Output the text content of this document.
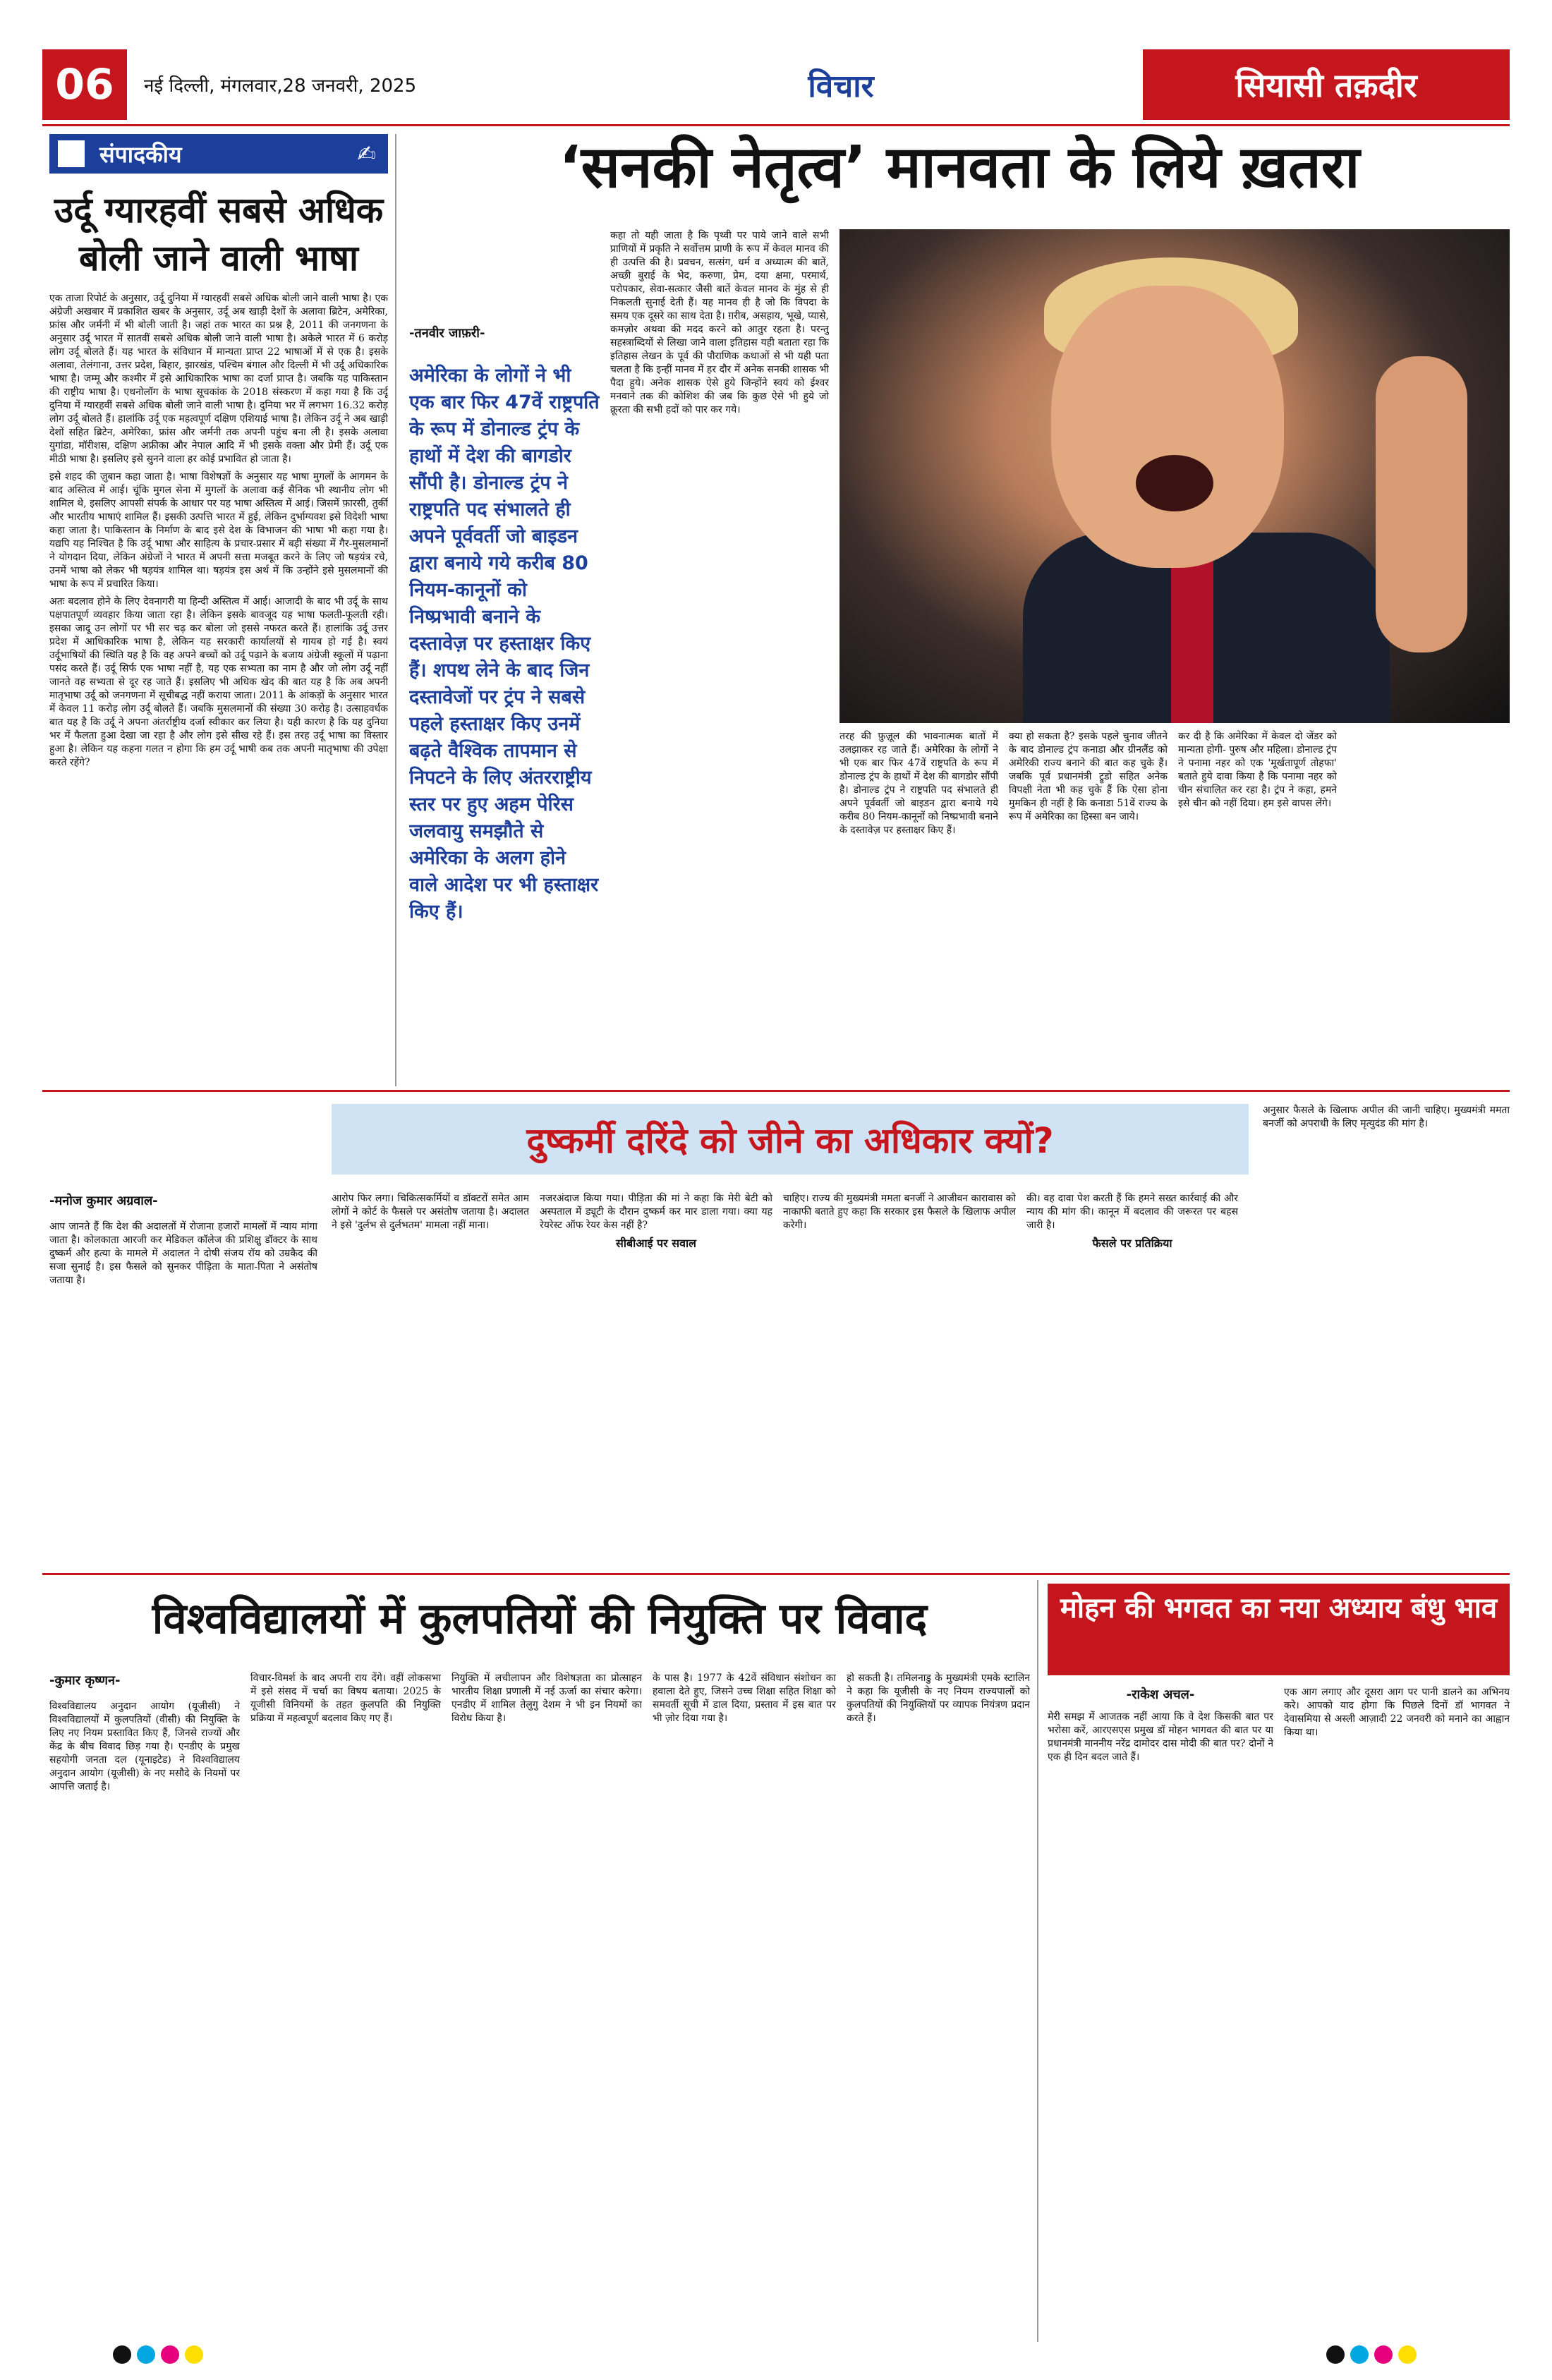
06	नई दिल्ली, मंगलवार,28 जनवरी, 2025	विचार	सियासी तक़दीर
संपादकीय	✍
उर्दू ग्यारहवीं सबसे अधिक बोली जाने वाली भाषा

एक ताजा रिपोर्ट के अनुसार, उर्दू दुनिया में ग्यारहवीं सबसे अधिक बोली जाने वाली भाषा है। एक अंग्रेजी अखबार में प्रकाशित खबर के अनुसार, उर्दू अब खाड़ी देशों के अलावा ब्रिटेन, अमेरिका, फ्रांस और जर्मनी में भी बोली जाती है। जहां तक भारत का प्रश्न है, 2011 की जनगणना के अनुसार उर्दू भारत में सातवीं सबसे अधिक बोली जाने वाली भाषा है। अकेले भारत में 6 करोड़ लोग उर्दू बोलते हैं। यह भारत के संविधान में मान्यता प्राप्त 22 भाषाओं में से एक है। इसके अलावा, तेलंगाना, उत्तर प्रदेश, बिहार, झारखंड, पश्चिम बंगाल और दिल्ली में भी उर्दू अधिकारिक भाषा है। जम्मू और कश्मीर में इसे आधिकारिक भाषा का दर्जा प्राप्त है। जबकि यह पाकिस्तान की राष्ट्रीय भाषा है। एथनोलॉग के भाषा सूचकांक के 2018 संस्करण में कहा गया है कि उर्दू दुनिया में ग्यारहवीं सबसे अधिक बोली जाने वाली भाषा है। दुनिया भर में लगभग 16.32 करोड़ लोग उर्दू बोलते हैं। हालांकि उर्दू एक महत्वपूर्ण दक्षिण एशियाई भाषा है। लेकिन उर्दू ने अब खाड़ी देशों सहित ब्रिटेन, अमेरिका, फ्रांस और जर्मनी तक अपनी पहुंच बना ली है। इसके अलावा युगांडा, मॉरीशस, दक्षिण अफ्रीका और नेपाल आदि में भी इसके वक्ता और प्रेमी हैं। उर्दू एक मीठी भाषा है। इसलिए इसे सुनने वाला हर कोई प्रभावित हो जाता है।

इसे शहद की ज़ुबान कहा जाता है। भाषा विशेषज्ञों के अनुसार यह भाषा मुगलों के आगमन के बाद अस्तित्व में आई। चूंकि मुगल सेना में मुगलों के अलावा कई सैनिक भी स्थानीय लोग भी शामिल थे, इसलिए आपसी संपर्क के आधार पर यह भाषा अस्तित्व में आई। जिसमें फ़ारसी, तुर्की और भारतीय भाषाएं शामिल हैं। इसकी उत्पत्ति भारत में हुई, लेकिन दुर्भाग्यवश इसे विदेशी भाषा कहा जाता है। पाकिस्तान के निर्माण के बाद इसे देश के विभाजन की भाषा भी कहा गया है। यद्यपि यह निश्चित है कि उर्दू भाषा और साहित्य के प्रचार-प्रसार में बड़ी संख्या में गैर-मुसलमानों ने योगदान दिया, लेकिन अंग्रेजों ने भारत में अपनी सत्ता मजबूत करने के लिए जो षड़यंत्र रचे, उनमें भाषा को लेकर भी षड़यंत्र शामिल था। षड़यंत्र इस अर्थ में कि उन्होंने इसे मुसलमानों की भाषा के रूप में प्रचारित किया।

अतः बदलाव होने के लिए देवनागरी या हिन्दी अस्तित्व में आई। आजादी के बाद भी उर्दू के साथ पक्षपातपूर्ण व्यवहार किया जाता रहा है। लेकिन इसके बावजूद यह भाषा फलती-फूलती रही। इसका जादू उन लोगों पर भी सर चढ़ कर बोला जो इससे नफरत करते हैं। हालांकि उर्दू उत्तर प्रदेश में आधिकारिक भाषा है, लेकिन यह सरकारी कार्यालयों से गायब हो गई है। स्वयं उर्दूभाषियों की स्थिति यह है कि वह अपने बच्चों को उर्दू पढ़ाने के बजाय अंग्रेजी स्कूलों में पढ़ाना पसंद करते हैं। उर्दू सिर्फ एक भाषा नहीं है, यह एक सभ्यता का नाम है और जो लोग उर्दू नहीं जानते वह सभ्यता से दूर रह जाते हैं। इसलिए भी अधिक खेद की बात यह है कि अब अपनी मातृभाषा उर्दू को जनगणना में सूचीबद्ध नहीं कराया जाता। 2011 के आंकड़ों के अनुसार भारत में केवल 11 करोड़ लोग उर्दू बोलते हैं। जबकि मुसलमानों की संख्या 30 करोड़ है। उत्साहवर्धक बात यह है कि उर्दू ने अपना अंतर्राष्ट्रीय दर्जा स्वीकार कर लिया है। यही कारण है कि यह दुनिया भर में फैलता हुआ देखा जा रहा है और लोग इसे सीख रहे हैं। इस तरह उर्दू भाषा का विस्तार हुआ है। लेकिन यह कहना गलत न होगा कि हम उर्दू भाषी कब तक अपनी मातृभाषा की उपेक्षा करते रहेंगे?

‘सनकी नेतृत्व’ मानवता के लिये ख़तरा
-तनवीर जाफ़री-
अमेरिका के लोगों ने भी एक बार फिर 47वें राष्ट्रपति के रूप में डोनाल्ड ट्रंप के हाथों में देश की बागडोर सौंपी है। डोनाल्ड ट्रंप ने राष्ट्रपति पद संभालते ही अपने पूर्ववर्ती जो बाइडन द्वारा बनाये गये करीब 80 नियम-कानूनों को निष्प्रभावी बनाने के दस्तावेज़ पर हस्ताक्षर किए हैं। शपथ लेने के बाद जिन दस्तावेजों पर ट्रंप ने सबसे पहले हस्ताक्षर किए उनमें बढ़ते वैश्विक तापमान से निपटने के लिए अंतरराष्ट्रीय स्तर पर हुए अहम पेरिस जलवायु समझौते से अमेरिका के अलग होने वाले आदेश पर भी हस्ताक्षर किए हैं।
कहा तो यही जाता है कि पृथ्वी पर पाये जाने वाले सभी प्राणियों में प्रकृति ने सर्वोत्तम प्राणी के रूप में केवल मानव की ही उत्पत्ति की है। प्रवचन, सत्संग, धर्म व अध्यात्म की बातें, अच्छी बुराई के भेद, करुणा, प्रेम, दया क्षमा, परमार्थ, परोपकार, सेवा-सत्कार जैसी बातें केवल मानव के मुंह से ही निकलती सुनाई देती हैं। यह मानव ही है जो कि विपदा के समय एक दूसरे का साथ देता है। ग़रीब, असहाय, भूखे, प्यासे, कमज़ोर अथवा की मदद करने को आतुर रहता है। परन्तु सहस्त्राब्दियों से लिखा जाने वाला इतिहास यही बताता रहा कि इतिहास लेखन के पूर्व की पौराणिक कथाओं से भी यही पता चलता है कि इन्हीं मानव में हर दौर में अनेक सनकी शासक भी पैदा हुये। अनेक शासक ऐसे हुये जिन्होंने स्वयं को ईश्वर मनवाने तक की कोशिश की जब कि कुछ ऐसे भी हुये जो क्रूरता की सभी हदों को पार कर गये।
तरह की फ़ुज़ूल की भावनात्मक बातों में उलझाकर रह जाते हैं। अमेरिका के लोगों ने भी एक बार फिर 47वें राष्ट्रपति के रूप में डोनाल्ड ट्रंप के हाथों में देश की बागडोर सौंपी है। डोनाल्ड ट्रंप ने राष्ट्रपति पद संभालते ही अपने पूर्ववर्ती जो बाइडन द्वारा बनाये गये करीब 80 नियम-कानूनों को निष्प्रभावी बनाने के दस्तावेज़ पर हस्ताक्षर किए हैं।
क्या हो सकता है? इसके पहले चुनाव जीतने के बाद डोनाल्ड ट्रंप कनाडा और ग्रीनलैंड को अमेरिकी राज्य बनाने की बात कह चुके हैं। जबकि पूर्व प्रधानमंत्री ट्रूडो सहित अनेक विपक्षी नेता भी कह चुके हैं कि ऐसा होना मुमकिन ही नहीं है कि कनाडा 51वें राज्य के रूप में अमेरिका का हिस्सा बन जाये।
कर दी है कि अमेरिका में केवल दो जेंडर को मान्यता होगी- पुरुष और महिला। डोनाल्ड ट्रंप ने पनामा नहर को एक 'मूर्खतापूर्ण तोहफा' बताते हुये दावा किया है कि पनामा नहर को चीन संचालित कर रहा है। ट्रंप ने कहा, हमने इसे चीन को नहीं दिया। हम इसे वापस लेंगे।
दुष्कर्मी दरिंदे को जीने का अधिकार क्यों?
-मनोज कुमार अग्रवाल-
आप जानते हैं कि देश की अदालतों में रोजाना हजारों मामलों में न्याय मांगा जाता है। कोलकाता आरजी कर मेडिकल कॉलेज की प्रशिक्षु डॉक्टर के साथ दुष्कर्म और हत्या के मामले में अदालत ने दोषी संजय रॉय को उम्रकैद की सजा सुनाई है। इस फैसले को सुनकर पीड़िता के माता-पिता ने असंतोष जताया है।
आरोप फिर लगा। चिकित्सकर्मियों व डॉक्टरों समेत आम लोगों ने कोर्ट के फैसले पर असंतोष जताया है। अदालत ने इसे 'दुर्लभ से दुर्लभतम' मामला नहीं माना।
नजरअंदाज किया गया। पीड़िता की मां ने कहा कि मेरी बेटी को अस्पताल में ड्यूटी के दौरान दुष्कर्म कर मार डाला गया। क्या यह रेयरेस्ट ऑफ रेयर केस नहीं है?
सीबीआई पर सवाल
चाहिए। राज्य की मुख्यमंत्री ममता बनर्जी ने आजीवन कारावास को नाकाफी बताते हुए कहा कि सरकार इस फैसले के खिलाफ अपील करेगी।
की। वह दावा पेश करती हैं कि हमने सख्त कार्रवाई की और न्याय की मांग की। कानून में बदलाव की जरूरत पर बहस जारी है।
फैसले पर प्रतिक्रिया
अनुसार फैसले के खिलाफ अपील की जानी चाहिए। मुख्यमंत्री ममता बनर्जी को अपराधी के लिए मृत्युदंड की मांग है।
विश्वविद्यालयों में कुलपतियों की नियुक्ति पर विवाद
-कुमार कृष्णन-
विश्वविद्यालय अनुदान आयोग (यूजीसी) ने विश्वविद्यालयों में कुलपतियों (वीसी) की नियुक्ति के लिए नए नियम प्रस्तावित किए हैं, जिनसे राज्यों और केंद्र के बीच विवाद छिड़ गया है। एनडीए के प्रमुख सहयोगी जनता दल (यूनाइटेड) ने विश्वविद्यालय अनुदान आयोग (यूजीसी) के नए मसौदे के नियमों पर आपत्ति जताई है।
विचार-विमर्श के बाद अपनी राय देंगे। वहीं लोकसभा में इसे संसद में चर्चा का विषय बताया। 2025 के यूजीसी विनियमों के तहत कुलपति की नियुक्ति प्रक्रिया में महत्वपूर्ण बदलाव किए गए हैं।
नियुक्ति में लचीलापन और विशेषज्ञता का प्रोत्साहन भारतीय शिक्षा प्रणाली में नई ऊर्जा का संचार करेगा। एनडीए में शामिल तेलुगु देशम ने भी इन नियमों का विरोध किया है।
के पास है। 1977 के 42वें संविधान संशोधन का हवाला देते हुए, जिसने उच्च शिक्षा सहित शिक्षा को समवर्ती सूची में डाल दिया, प्रस्ताव में इस बात पर भी ज़ोर दिया गया है।
हो सकती है। तमिलनाडु के मुख्यमंत्री एमके स्टालिन ने कहा कि यूजीसी के नए नियम राज्यपालों को कुलपतियों की नियुक्तियों पर व्यापक नियंत्रण प्रदान करते हैं।
मोहन की भगवत का नया अध्याय बंधु भाव
-राकेश अचल-
मेरी समझ में आजतक नहीं आया कि वे देश किसकी बात पर भरोसा करें, आरएसएस प्रमुख डॉ मोहन भागवत की बात पर या प्रधानमंत्री माननीय नरेंद्र दामोदर दास मोदी की बात पर? दोनों ने एक ही दिन बदल जाते हैं।
एक आग लगाए और दूसरा आग पर पानी डालने का अभिनय करे। आपको याद होगा कि पिछले दिनों डॉ भागवत ने देवासमिया से अस्ली आज़ादी 22 जनवरी को मनाने का आह्वान किया था।
